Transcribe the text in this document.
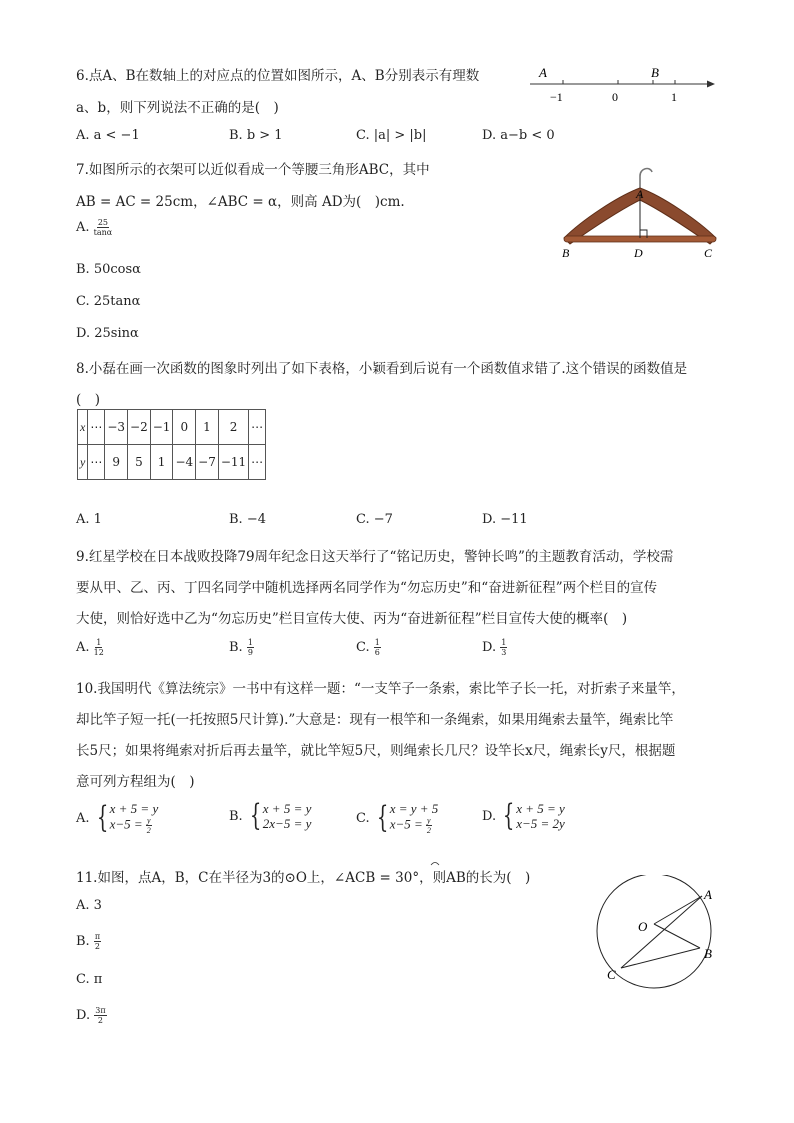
6.点A、B在数轴上的对应点的位置如图所示，A、B分别表示有理数
a、b，则下列说法不正确的是(　)
A	B
−1	0	1
A. a < −1	B. b > 1	C. |a| > |b|	D. a−b < 0
7.如图所示的衣架可以近似看成一个等腰三角形ABC，其中
AB = AC = 25cm，∠ABC = α，则高 AD为(　)cm.
A. $\frac{25}{\tan\alpha}$
B. 50cosα
C. 25tanα
D. 25sinα
A
B	D	C
8.小磊在画一次函数的图象时列出了如下表格，小颖看到后说有一个函数值求错了.这个错误的函数值是
(　)
x	⋯	−3	−2	−1	0	1	2	⋯
y	⋯	9	5	1	−4	−7	−11	⋯
A. 1	B. −4	C. −7	D. −11
9.红星学校在日本战败投降79周年纪念日这天举行了“铭记历史，警钟长鸣”的主题教育活动，学校需
要从甲、乙、丙、丁四名同学中随机选择两名同学作为“勿忘历史”和“奋进新征程”两个栏目的宣传
大使，则恰好选中乙为“勿忘历史”栏目宣传大使、丙为“奋进新征程”栏目宣传大使的概率(　)
A. $\frac{1}{12}$	B. $\frac{1}{9}$	C. $\frac{1}{6}$	D. $\frac{1}{3}$
10.我国明代《算法统宗》一书中有这样一题：“一支竿子一条索，索比竿子长一托，对折索子来量竿，
却比竿子短一托(一托按照5尺计算).”大意是：现有一根竿和一条绳索，如果用绳索去量竿，绳索比竿
长5尺；如果将绳索对折后再去量竿，就比竿短5尺，则绳索长几尺？设竿长x尺，绳索长y尺，根据题
意可列方程组为(　)
A. { x + 5 = y
$x-5 = \frac{y}{2}$	B. { x + 5 = y
2x−5 = y	C. { x = y + 5
$x-5 = \frac{y}{2}$	D. { x + 5 = y
x−5 = 2y
11.如图，点A，B，C在半径为3的⊙O上，∠ACB = 30°，则AB的长为(　)
A. 3
B. $\frac{\pi}{2}$
C. π
D. $\frac{3\pi}{2}$
A
B
C
O
